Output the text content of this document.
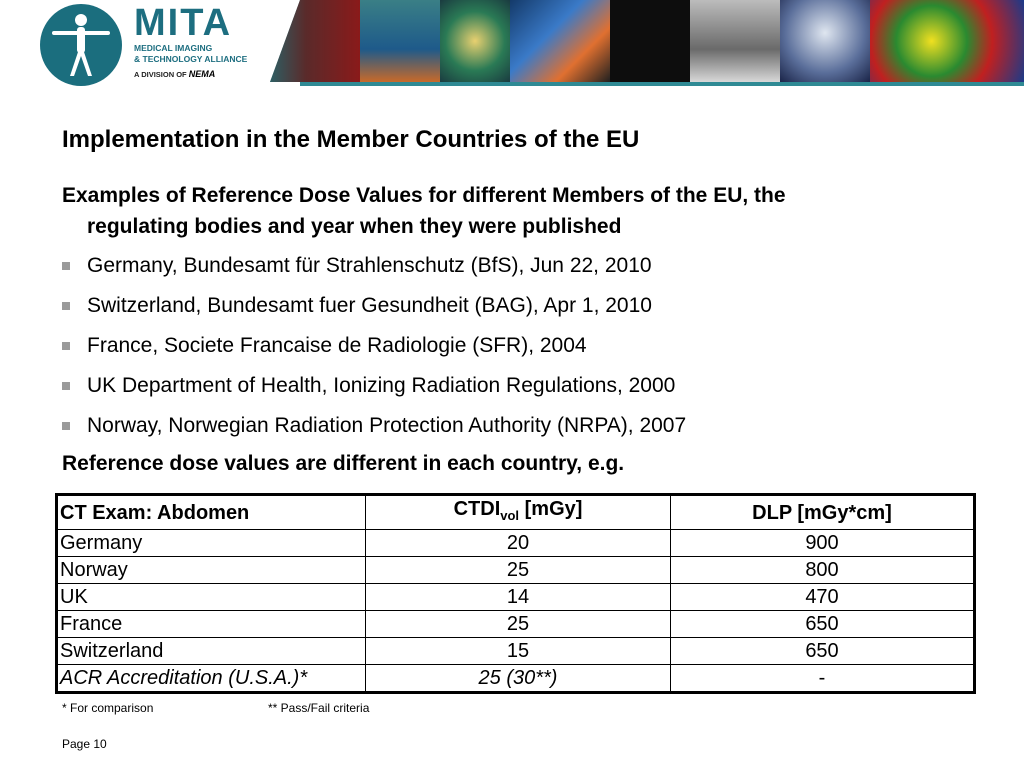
MITA
MEDICAL IMAGING
& TECHNOLOGY ALLIANCE
A DIVISION OF NEMA
Implementation in the Member Countries of the EU
Examples of Reference Dose Values for different Members of the EU, the
regulating bodies and year when they were published
Germany, Bundesamt für Strahlenschutz (BfS), Jun 22, 2010
Switzerland, Bundesamt fuer Gesundheit (BAG), Apr 1, 2010
France, Societe Francaise de Radiologie (SFR), 2004
UK Department of Health, Ionizing Radiation Regulations, 2000
Norway, Norwegian Radiation Protection Authority (NRPA), 2007
Reference dose values are different in each country, e.g.
CT Exam: Abdomen	$CTDI_{vol}$ [mGy]	DLP [mGy*cm]
Germany	20	900
Norway	25	800
UK	14	470
France	25	650
Switzerland	15	650
ACR Accreditation (U.S.A.)*	25 (30**)	-
* For comparison	** Pass/Fail criteria
Page 10
